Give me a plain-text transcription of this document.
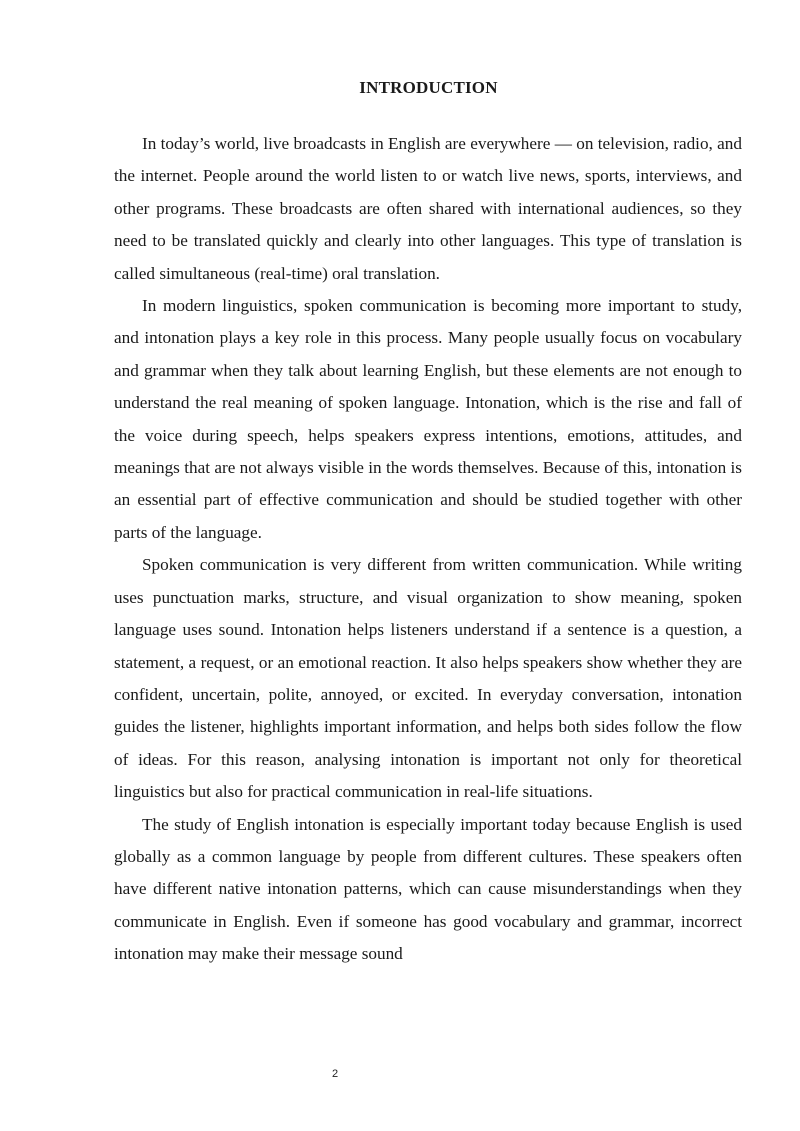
INTRODUCTION

In today’s world, live broadcasts in English are everywhere — on television, radio, and the internet. People around the world listen to or watch live news, sports, interviews, and other programs. These broadcasts are often shared with international audiences, so they need to be translated quickly and clearly into other languages. This type of translation is called simultaneous (real-time) oral translation.

In modern linguistics, spoken communication is becoming more important to study, and intonation plays a key role in this process. Many people usually focus on vocabulary and grammar when they talk about learning English, but these elements are not enough to understand the real meaning of spoken language. Intonation, which is the rise and fall of the voice during speech, helps speakers express intentions, emotions, attitudes, and meanings that are not always visible in the words themselves. Because of this, intonation is an essential part of effective communication and should be studied together with other parts of the language.

Spoken communication is very different from written communication. While writing uses punctuation marks, structure, and visual organization to show meaning, spoken language uses sound. Intonation helps listeners understand if a sentence is a question, a statement, a request, or an emotional reaction. It also helps speakers show whether they are confident, uncertain, polite, annoyed, or excited. In everyday conversation, intonation guides the listener, highlights important information, and helps both sides follow the flow of ideas. For this reason, analysing intonation is important not only for theoretical linguistics but also for practical communication in real-life situations.

The study of English intonation is especially important today because English is used globally as a common language by people from different cultures. These speakers often have different native intonation patterns, which can cause misunderstandings when they communicate in English. Even if someone has good vocabulary and grammar, incorrect intonation may make their message sound

2
